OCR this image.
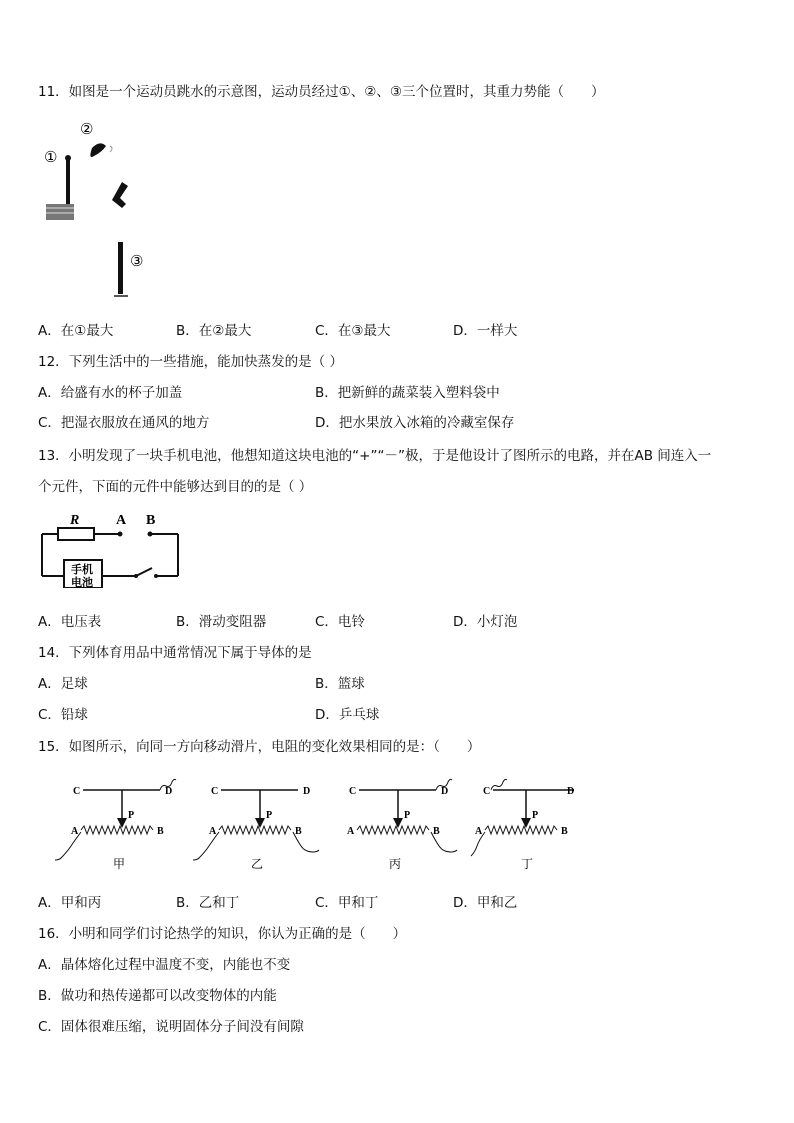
11．如图是一个运动员跳水的示意图，运动员经过①、②、③三个位置时，其重力势能（　　）
①
②
③
A．在①最大	B．在②最大	C．在③最大	D．一样大
12．下列生活中的一些措施，能加快蒸发的是（ ）
A．给盛有水的杯子加盖	B．把新鲜的蔬菜装入塑料袋中
C．把湿衣服放在通风的地方	D．把水果放入冰箱的冷藏室保存
13．小明发现了一块手机电池，他想知道这块电池的“+”“－”极，于是他设计了图所示的电路，并在AB 间连入一
个元件，下面的元件中能够达到目的的是（ ）
R	A B
手机
电池
A．电压表	B．滑动变阻器	C．电铃	D．小灯泡
14．下列体育用品中通常情况下属于导体的是
A．足球	B．篮球
C．铅球	D．乒乓球
15．如图所示，向同一方向移动滑片，电阻的变化效果相同的是：（　　）
C	D
P
A	B
甲
C	D
P
A	B
乙
C	D
P
A	B
丙
C	D
P
A	B
丁
A．甲和丙	B．乙和丁	C．甲和丁	D．甲和乙
16．小明和同学们讨论热学的知识，你认为正确的是（　　）
A．晶体熔化过程中温度不变，内能也不变
B．做功和热传递都可以改变物体的内能
C．固体很难压缩，说明固体分子间没有间隙
